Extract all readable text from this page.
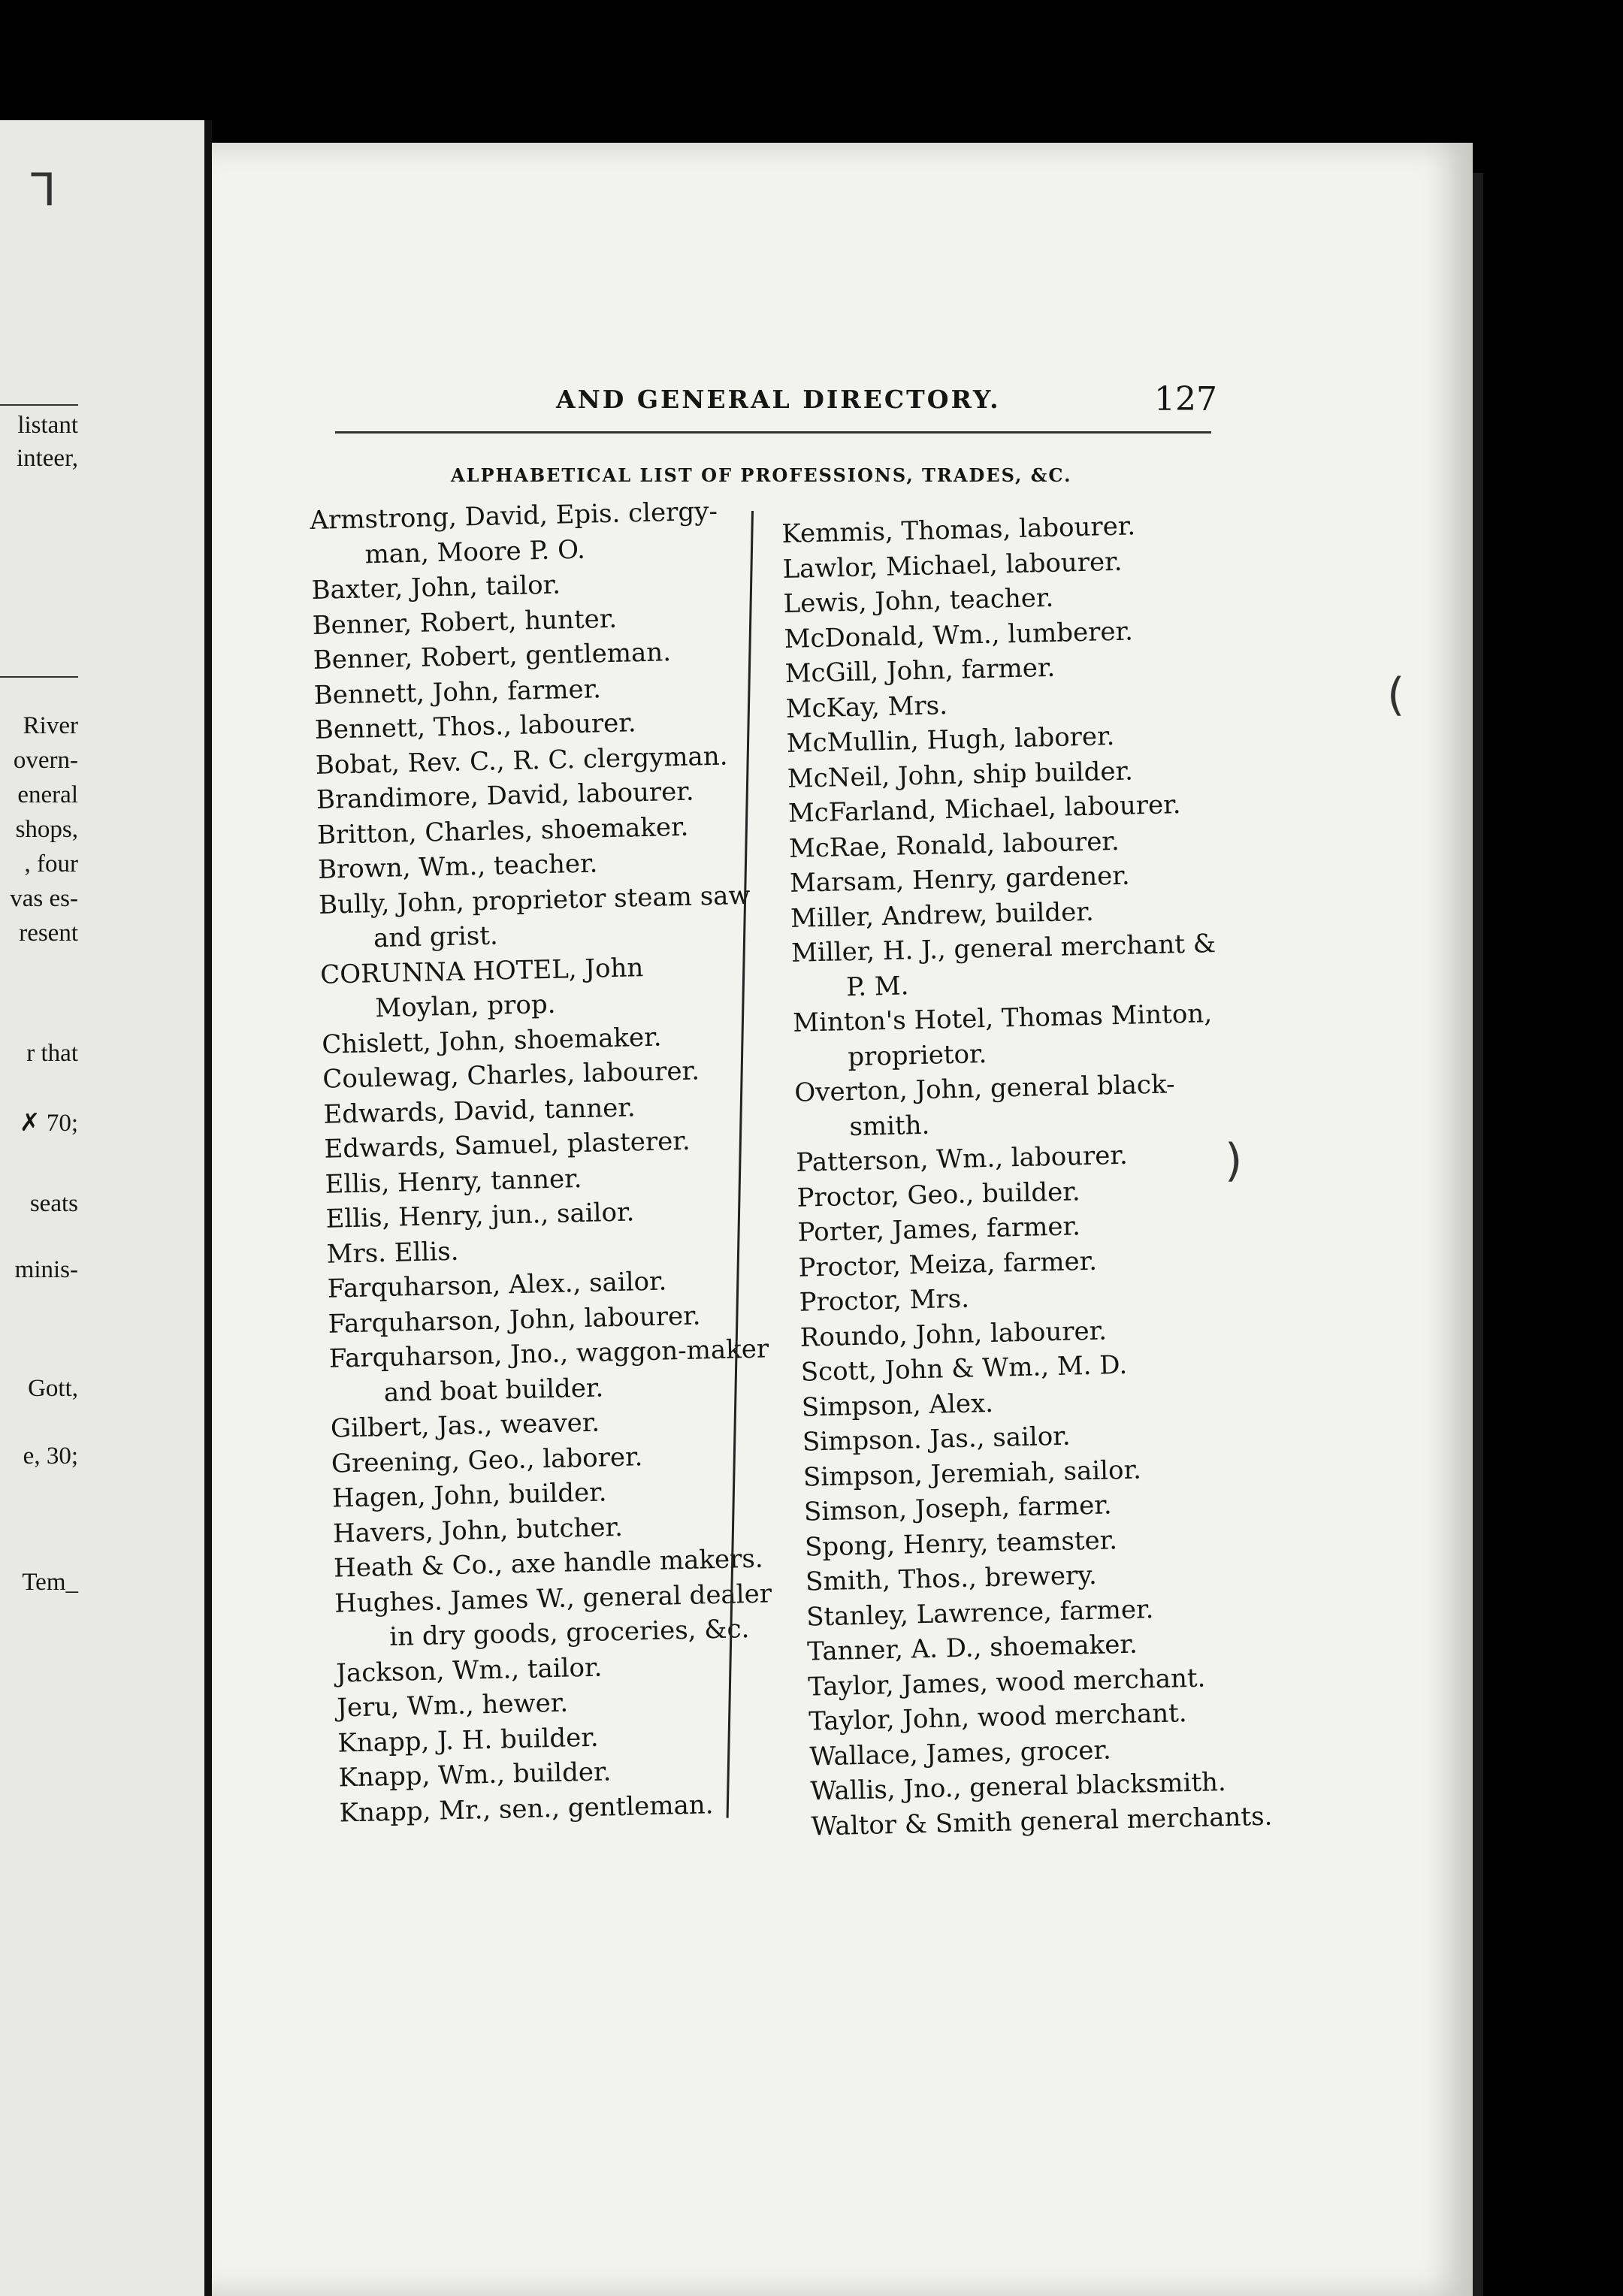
listant
inteer,
River
overn-
eneral
shops,
, four
vas es-
resent
r that
✗ 70;
seats
minis-
Gott,
e, 30;
Tem_
AND GENERAL DIRECTORY.	127
ALPHABETICAL LIST OF PROFESSIONS, TRADES, &C.
Armstrong, David, Epis. clergy-
man, Moore P. O.
Baxter, John, tailor.
Benner, Robert, hunter.
Benner, Robert, gentleman.
Bennett, John, farmer.
Bennett, Thos., labourer.
Bobat, Rev. C., R. C. clergyman.
Brandimore, David, labourer.
Britton, Charles, shoemaker.
Brown, Wm., teacher.
Bully, John, proprietor steam saw
and grist.
CORUNNA HOTEL, John
Moylan, prop.
Chislett, John, shoemaker.
Coulewag, Charles, labourer.
Edwards, David, tanner.
Edwards, Samuel, plasterer.
Ellis, Henry, tanner.
Ellis, Henry, jun., sailor.
Mrs. Ellis.
Farquharson, Alex., sailor.
Farquharson, John, labourer.
Farquharson, Jno., waggon-maker
and boat builder.
Gilbert, Jas., weaver.
Greening, Geo., laborer.
Hagen, John, builder.
Havers, John, butcher.
Heath & Co., axe handle makers.
Hughes. James W., general dealer
in dry goods, groceries, &c.
Jackson, Wm., tailor.
Jeru, Wm., hewer.
Knapp, J. H. builder.
Knapp, Wm., builder.
Knapp, Mr., sen., gentleman.
Kemmis, Thomas, labourer.
Lawlor, Michael, labourer.
Lewis, John, teacher.
McDonald, Wm., lumberer.
McGill, John, farmer.
McKay, Mrs.
McMullin, Hugh, laborer.
McNeil, John, ship builder.
McFarland, Michael, labourer.
McRae, Ronald, labourer.
Marsam, Henry, gardener.
Miller, Andrew, builder.
Miller, H. J., general merchant &
P. M.
Minton's Hotel, Thomas Minton,
proprietor.
Overton, John, general black-
smith.
Patterson, Wm., labourer.
Proctor, Geo., builder.
Porter, James, farmer.
Proctor, Meiza, farmer.
Proctor, Mrs.
Roundo, John, labourer.
Scott, John & Wm., M. D.
Simpson, Alex.
Simpson. Jas., sailor.
Simpson, Jeremiah, sailor.
Simson, Joseph, farmer.
Spong, Henry, teamster.
Smith, Thos., brewery.
Stanley, Lawrence, farmer.
Tanner, A. D., shoemaker.
Taylor, James, wood merchant.
Taylor, John, wood merchant.
Wallace, James, grocer.
Wallis, Jno., general blacksmith.
Waltor & Smith general merchants.
ᒣ
(
)
